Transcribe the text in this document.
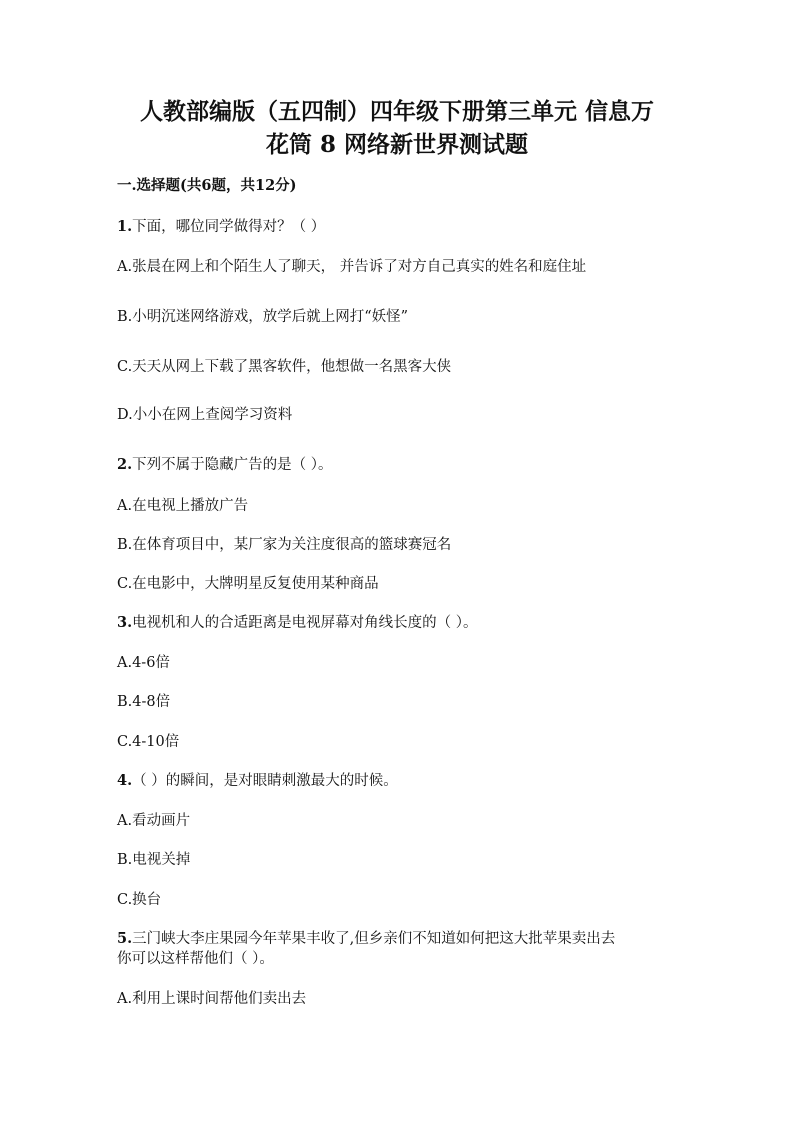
人教部编版（五四制）四年级下册第三单元 信息万
花筒 8 网络新世界测试题
一.选择题(共6题，共12分)
1.下面，哪位同学做得对？（ ）
A.张晨在网上和个陌生人了聊天， 并告诉了对方自己真实的姓名和庭住址
B.小明沉迷网络游戏，放学后就上网打“妖怪”
C.天天从网上下载了黑客软件，他想做一名黑客大侠
D.小小在网上查阅学习资料
2.下列不属于隐藏广告的是（ ）。
A.在电视上播放广告
B.在体育项目中，某厂家为关注度很高的篮球赛冠名
C.在电影中，大牌明星反复使用某种商品
3.电视机和人的合适距离是电视屏幕对角线长度的（ ）。
A.4-6倍
B.4-8倍
C.4-10倍
4.（ ）的瞬间，是对眼睛刺激最大的时候。
A.看动画片
B.电视关掉
C.换台
5.三门峡大李庄果园今年苹果丰收了,但乡亲们不知道如何把这大批苹果卖出去
你可以这样帮他们（ ）。
A.利用上课时间帮他们卖出去
